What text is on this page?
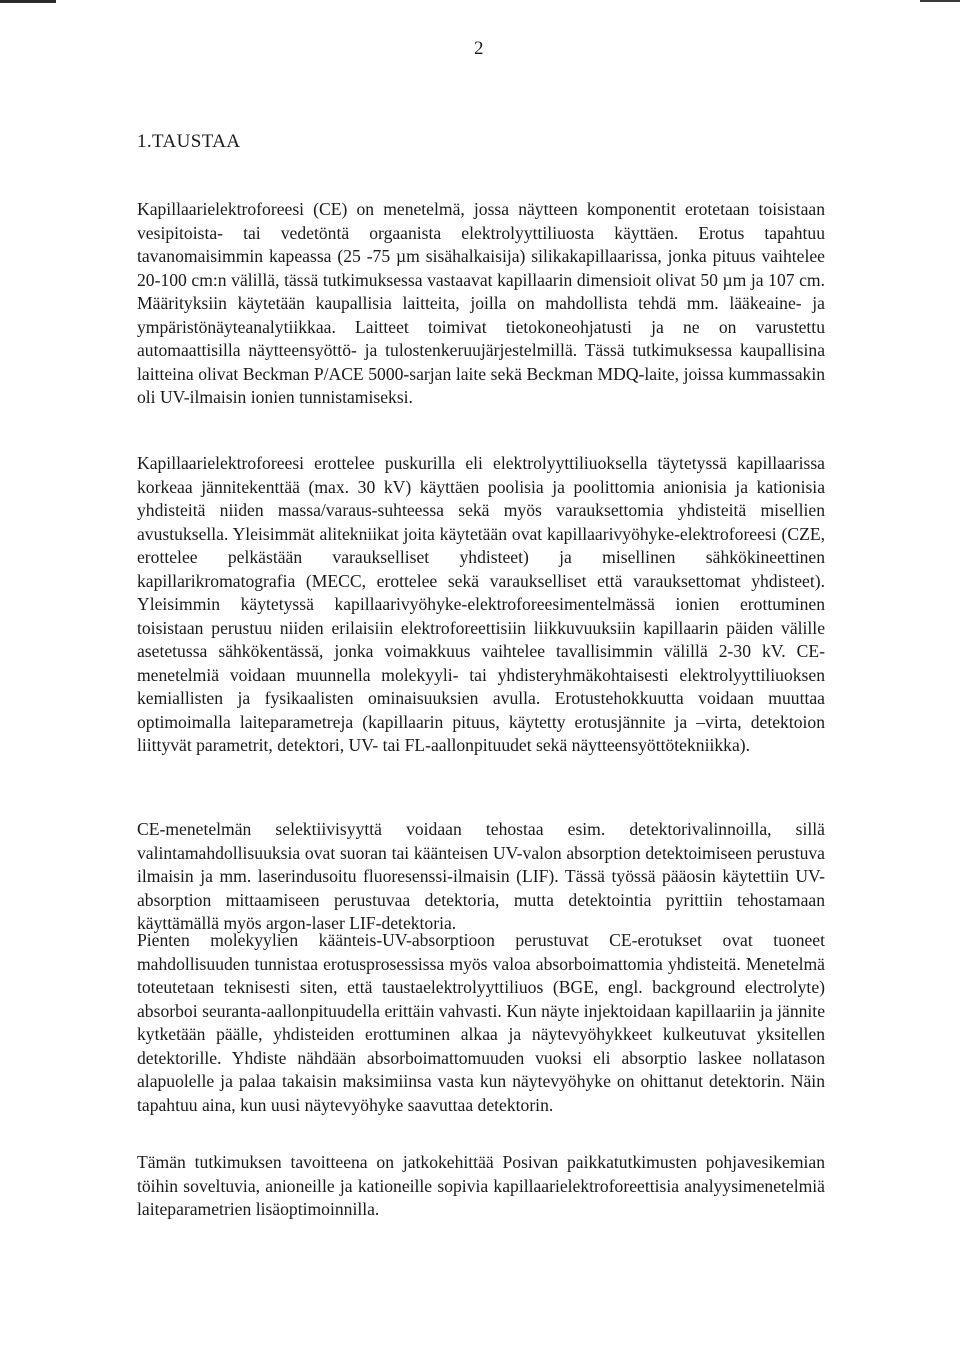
2
1.TAUSTAA

Kapillaarielektroforeesi (CE) on menetelmä, jossa näytteen komponentit erotetaan toisistaan vesipitoista- tai vedetöntä orgaanista elektrolyyttiliuosta käyttäen. Erotus tapahtuu tavanomaisimmin kapeassa (25 -75 µm sisähalkaisija) silikakapillaarissa, jonka pituus vaihtelee 20-100 cm:n välillä, tässä tutkimuksessa vastaavat kapillaarin dimensioit olivat 50 µm ja 107 cm. Määrityksiin käytetään kaupallisia laitteita, joilla on mahdollista tehdä mm. lääkeaine- ja ympäristönäyteanalytiikkaa. Laitteet toimivat tietokoneohjatusti ja ne on varustettu automaattisilla näytteensyöttö- ja tulostenkeruujärjestelmillä. Tässä tutkimuksessa kaupallisina laitteina olivat Beckman P/ACE 5000-sarjan laite sekä Beckman MDQ-laite, joissa kummassakin oli UV-ilmaisin ionien tunnistamiseksi.

Kapillaarielektroforeesi erottelee puskurilla eli elektrolyyttiliuoksella täytetyssä kapillaarissa korkeaa jännitekenttää (max. 30 kV) käyttäen poolisia ja poolittomia anionisia ja kationisia yhdisteitä niiden massa/varaus-suhteessa sekä myös varauksettomia yhdisteitä misellien avustuksella. Yleisimmät alitekniikat joita käytetään ovat kapillaarivyöhyke-elektroforeesi (CZE, erottelee pelkästään varaukselliset yhdisteet) ja misellinen sähkökineettinen kapillarikromatografia (MECC, erottelee sekä varaukselliset että varauksettomat yhdisteet). Yleisimmin käytetyssä kapillaarivyöhyke-elektroforeesimentelmässä ionien erottuminen toisistaan perustuu niiden erilaisiin elektroforeettisiin liikkuvuuksiin kapillaarin päiden välille asetetussa sähkökentässä, jonka voimakkuus vaihtelee tavallisimmin välillä 2-30 kV. CE-menetelmiä voidaan muunnella molekyyli- tai yhdisteryhmäkohtaisesti elektrolyyttiliuoksen kemiallisten ja fysikaalisten ominaisuuksien avulla. Erotustehokkuutta voidaan muuttaa optimoimalla laiteparametreja (kapillaarin pituus, käytetty erotusjännite ja –virta, detektoion liittyvät parametrit, detektori, UV- tai FL-aallonpituudet sekä näytteensyöttötekniikka).

CE-menetelmän selektiivisyyttä voidaan tehostaa esim. detektorivalinnoilla, sillä valintamahdollisuuksia ovat suoran tai käänteisen UV-valon absorption detektoimiseen perustuva ilmaisin ja mm. laserindusoitu fluoresenssi-ilmaisin (LIF). Tässä työssä pääosin käytettiin UV-absorption mittaamiseen perustuvaa detektoria, mutta detektointia pyrittiin tehostamaan käyttämällä myös argon-laser LIF-detektoria.

Pienten molekyylien käänteis-UV-absorptioon perustuvat CE-erotukset ovat tuoneet mahdollisuuden tunnistaa erotusprosessissa myös valoa absorboimattomia yhdisteitä. Menetelmä toteutetaan teknisesti siten, että taustaelektrolyyttiliuos (BGE, engl. background electrolyte) absorboi seuranta-aallonpituudella erittäin vahvasti. Kun näyte injektoidaan kapillaariin ja jännite kytketään päälle, yhdisteiden erottuminen alkaa ja näytevyöhykkeet kulkeutuvat yksitellen detektorille. Yhdiste nähdään absorboimattomuuden vuoksi eli absorptio laskee nollatason alapuolelle ja palaa takaisin maksimiinsa vasta kun näytevyöhyke on ohittanut detektorin. Näin tapahtuu aina, kun uusi näytevyöhyke saavuttaa detektorin.

Tämän tutkimuksen tavoitteena on jatkokehittää Posivan paikkatutkimusten pohjavesikemian töihin soveltuvia, anioneille ja kationeille sopivia kapillaarielektroforeettisia analyysimenetelmiä laiteparametrien lisäoptimoinnilla.
